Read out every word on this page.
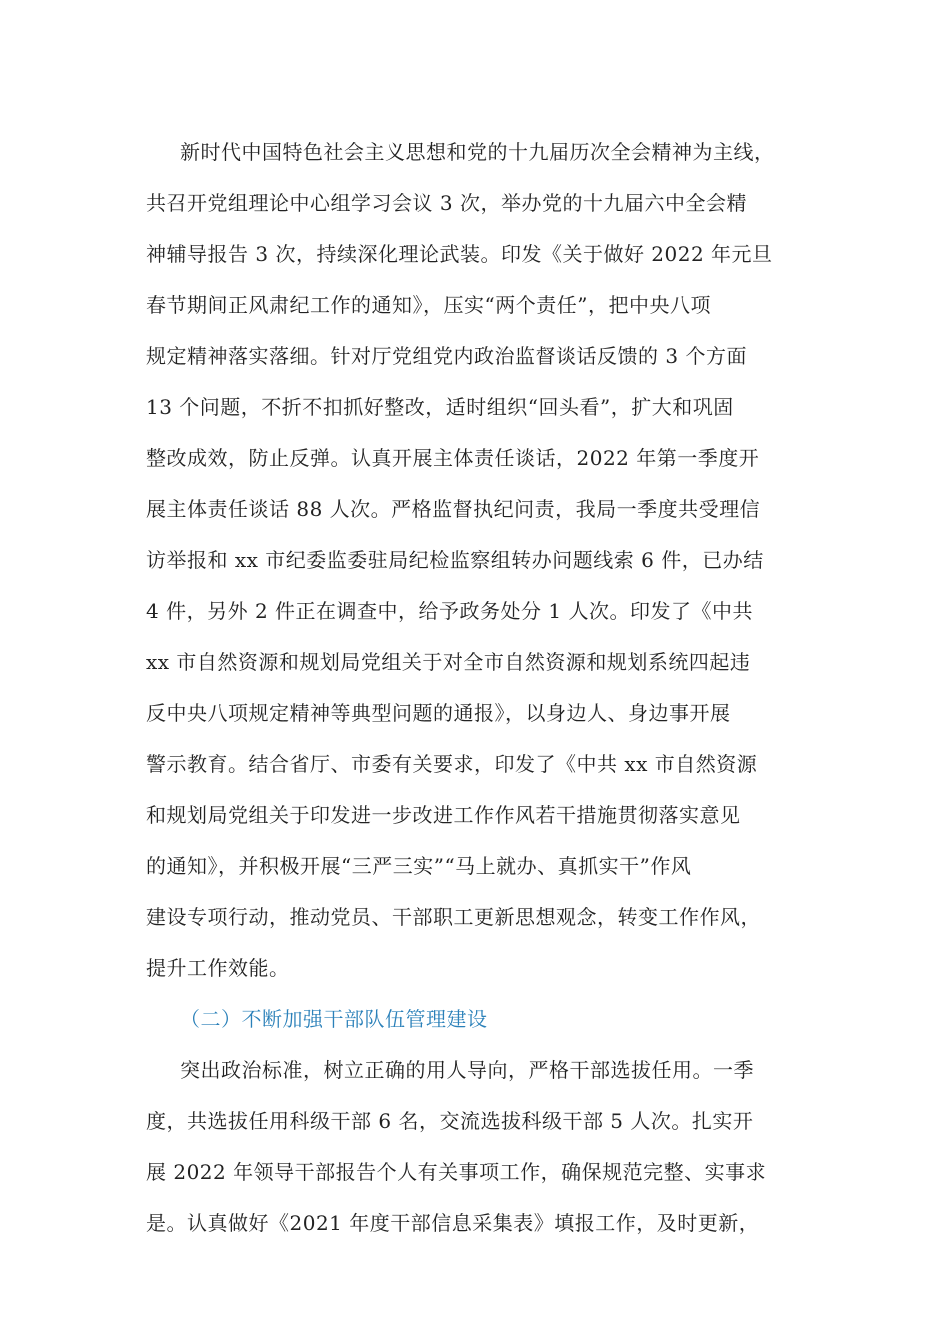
新时代中国特色社会主义思想和党的十九届历次全会精神为主线，
共召开党组理论中心组学习会议 3 次，举办党的十九届六中全会精
神辅导报告 3 次，持续深化理论武装。印发《关于做好 2022 年元旦
春节期间正风肃纪工作的通知》，压实“两个责任”，把中央八项
规定精神落实落细。针对厅党组党内政治监督谈话反馈的 3 个方面
13 个问题，不折不扣抓好整改，适时组织“回头看”，扩大和巩固
整改成效，防止反弹。认真开展主体责任谈话，2022 年第一季度开
展主体责任谈话 88 人次。严格监督执纪问责，我局一季度共受理信
访举报和 xx 市纪委监委驻局纪检监察组转办问题线索 6 件，已办结
4 件，另外 2 件正在调查中，给予政务处分 1 人次。印发了《中共
xx 市自然资源和规划局党组关于对全市自然资源和规划系统四起违
反中央八项规定精神等典型问题的通报》，以身边人、身边事开展
警示教育。结合省厅、市委有关要求，印发了《中共 xx 市自然资源
和规划局党组关于印发进一步改进工作作风若干措施贯彻落实意见
的通知》，并积极开展“三严三实”“马上就办、真抓实干”作风
建设专项行动，推动党员、干部职工更新思想观念，转变工作作风，
提升工作效能。
（二）不断加强干部队伍管理建设
突出政治标准，树立正确的用人导向，严格干部选拔任用。一季
度，共选拔任用科级干部 6 名，交流选拔科级干部 5 人次。扎实开
展 2022 年领导干部报告个人有关事项工作，确保规范完整、实事求
是。认真做好《2021 年度干部信息采集表》填报工作，及时更新，
